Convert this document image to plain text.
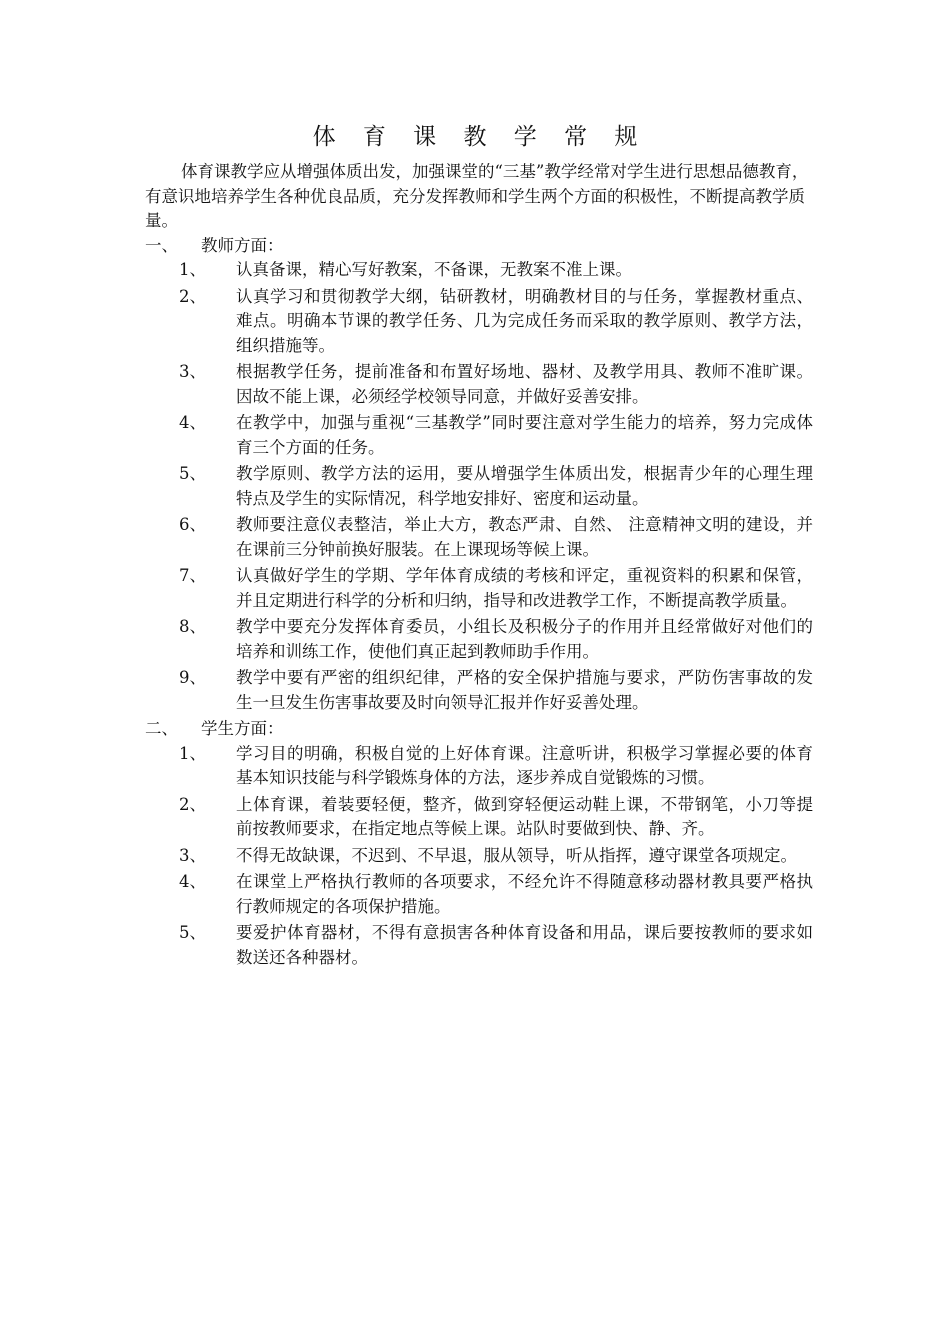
体 育 课 教 学 常 规

体育课教学应从增强体质出发，加强课堂的“三基”教学经常对学生进行思想品德教育，有意识地培养学生各种优良品质，充分发挥教师和学生两个方面的积极性，不断提高教学质量。

一、	教师方面：
1、	认真备课，精心写好教案，不备课，无教案不准上课。
2、	认真学习和贯彻教学大纲，钻研教材，明确教材目的与任务，掌握教材重点、难点。明确本节课的教学任务、几为完成任务而采取的教学原则、教学方法，组织措施等。
3、	根据教学任务，提前准备和布置好场地、器材、及教学用具、教师不准旷课。因故不能上课，必须经学校领导同意，并做好妥善安排。
4、	在教学中，加强与重视“三基教学”同时要注意对学生能力的培养，努力完成体育三个方面的任务。
5、	教学原则、教学方法的运用，要从增强学生体质出发，根据青少年的心理生理特点及学生的实际情况，科学地安排好、密度和运动量。
6、	教师要注意仪表整洁，举止大方，教态严肃、自然、 注意精神文明的建设，并在课前三分钟前换好服装。在上课现场等候上课。
7、	认真做好学生的学期、学年体育成绩的考核和评定，重视资料的积累和保管，并且定期进行科学的分析和归纳，指导和改进教学工作，不断提高教学质量。
8、	教学中要充分发挥体育委员，小组长及积极分子的作用并且经常做好对他们的培养和训练工作，使他们真正起到教师助手作用。
9、	教学中要有严密的组织纪律，严格的安全保护措施与要求，严防伤害事故的发生一旦发生伤害事故要及时向领导汇报并作好妥善处理。
二、	学生方面：
1、	学习目的明确，积极自觉的上好体育课。注意听讲，积极学习掌握必要的体育基本知识技能与科学锻炼身体的方法，逐步养成自觉锻炼的习惯。
2、	上体育课，着装要轻便，整齐，做到穿轻便运动鞋上课，不带钢笔，小刀等提前按教师要求，在指定地点等候上课。站队时要做到快、静、齐。
3、	不得无故缺课，不迟到、不早退，服从领导，听从指挥，遵守课堂各项规定。
4、	在课堂上严格执行教师的各项要求，不经允许不得随意移动器材教具要严格执行教师规定的各项保护措施。
5、	要爱护体育器材，不得有意损害各种体育设备和用品，课后要按教师的要求如数送还各种器材。
